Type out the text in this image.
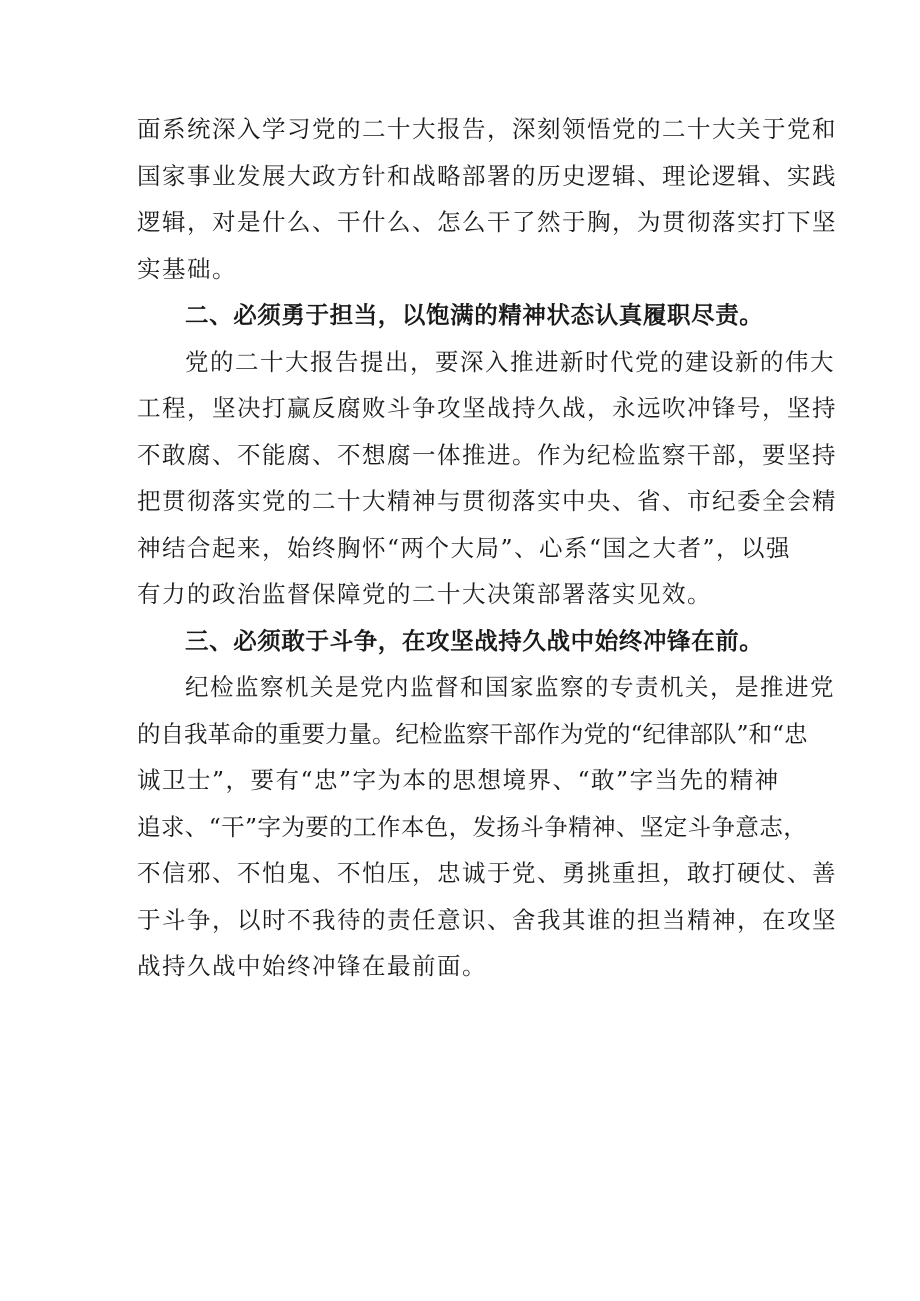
面系统深入学习党的二十大报告，深刻领悟党的二十大关于党和
国家事业发展大政方针和战略部署的历史逻辑、理论逻辑、实践
逻辑，对是什么、干什么、怎么干了然于胸，为贯彻落实打下坚
实基础。

二、必须勇于担当，以饱满的精神状态认真履职尽责。

党的二十大报告提出，要深入推进新时代党的建设新的伟大
工程，坚决打赢反腐败斗争攻坚战持久战，永远吹冲锋号，坚持
不敢腐、不能腐、不想腐一体推进。作为纪检监察干部，要坚持
把贯彻落实党的二十大精神与贯彻落实中央、省、市纪委全会精
神结合起来，始终胸怀“两个大局”、心系“国之大者”，以强
有力的政治监督保障党的二十大决策部署落实见效。

三、必须敢于斗争，在攻坚战持久战中始终冲锋在前。

纪检监察机关是党内监督和国家监察的专责机关，是推进党
的自我革命的重要力量。纪检监察干部作为党的“纪律部队”和“忠
诚卫士”，要有“忠”字为本的思想境界、“敢”字当先的精神
追求、“干”字为要的工作本色，发扬斗争精神、坚定斗争意志，
不信邪、不怕鬼、不怕压，忠诚于党、勇挑重担，敢打硬仗、善
于斗争，以时不我待的责任意识、舍我其谁的担当精神，在攻坚
战持久战中始终冲锋在最前面。
